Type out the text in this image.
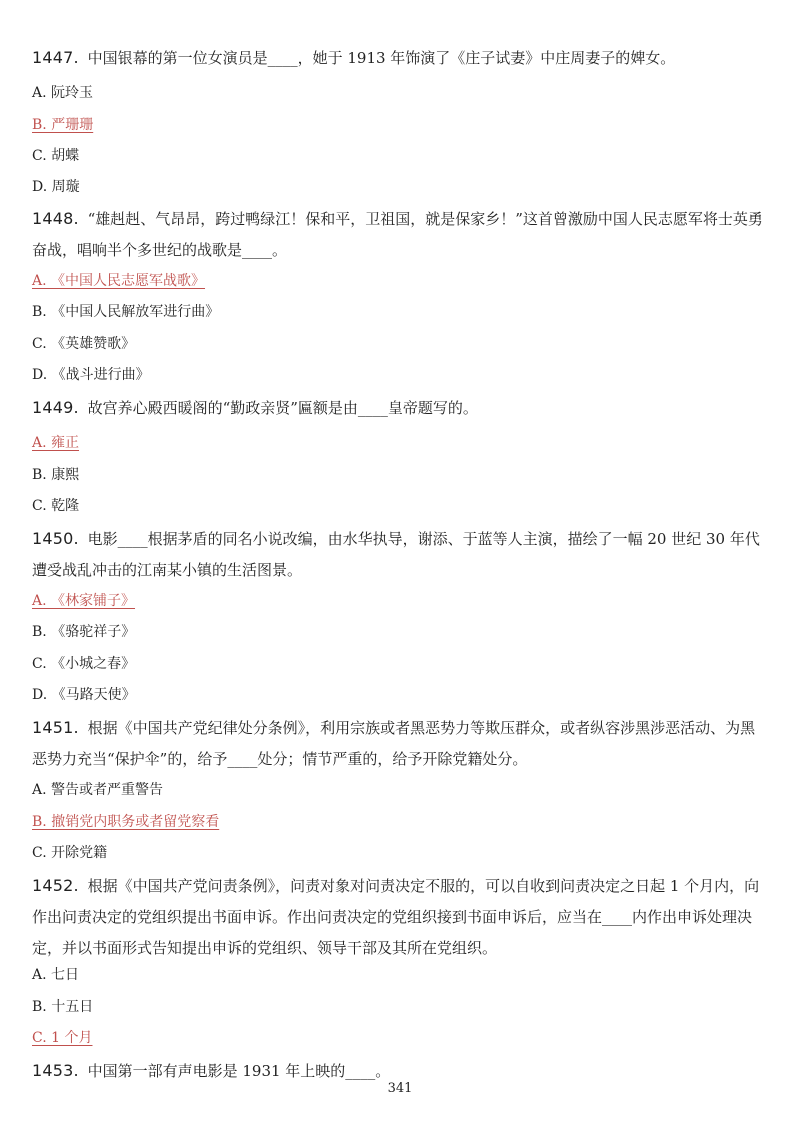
1447. 中国银幕的第一位女演员是____，她于 1913 年饰演了《庄子试妻》中庄周妻子的婢女。

A. 阮玲玉

B. 严珊珊

C. 胡蝶

D. 周璇

1448. “雄赳赳、气昂昂，跨过鸭绿江！保和平，卫祖国，就是保家乡！”这首曾激励中国人民志愿军将士英勇奋战，唱响半个多世纪的战歌是____。

A. 《中国人民志愿军战歌》

B. 《中国人民解放军进行曲》

C. 《英雄赞歌》

D. 《战斗进行曲》

1449. 故宫养心殿西暖阁的“勤政亲贤”匾额是由____皇帝题写的。

A. 雍正

B. 康熙

C. 乾隆

1450. 电影____根据茅盾的同名小说改编，由水华执导，谢添、于蓝等人主演，描绘了一幅 20 世纪 30 年代遭受战乱冲击的江南某小镇的生活图景。

A. 《林家铺子》

B. 《骆驼祥子》

C. 《小城之春》

D. 《马路天使》

1451. 根据《中国共产党纪律处分条例》，利用宗族或者黑恶势力等欺压群众，或者纵容涉黑涉恶活动、为黑恶势力充当“保护伞”的，给予____处分；情节严重的，给予开除党籍处分。

A. 警告或者严重警告

B. 撤销党内职务或者留党察看

C. 开除党籍

1452. 根据《中国共产党问责条例》，问责对象对问责决定不服的，可以自收到问责决定之日起 1 个月内，向作出问责决定的党组织提出书面申诉。作出问责决定的党组织接到书面申诉后，应当在____内作出申诉处理决定，并以书面形式告知提出申诉的党组织、领导干部及其所在党组织。

A. 七日

B. 十五日

C. 1 个月

1453. 中国第一部有声电影是 1931 年上映的____。

341
